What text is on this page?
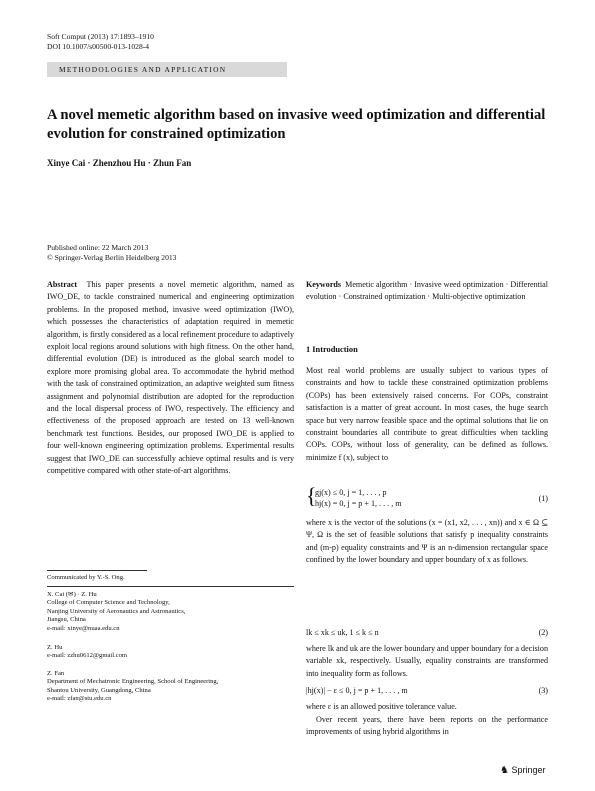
Soft Comput (2013) 17:1893–1910
DOI 10.1007/s00500-013-1028-4
METHODOLOGIES AND APPLICATION
A novel memetic algorithm based on invasive weed optimization and differential evolution for constrained optimization
Xinye Cai · Zhenzhou Hu · Zhun Fan
Published online: 22 March 2013
© Springer-Verlag Berlin Heidelberg 2013
Abstract This paper presents a novel memetic algorithm, named as IWO_DE, to tackle constrained numerical and engineering optimization problems. In the proposed method, invasive weed optimization (IWO), which possesses the characteristics of adaptation required in memetic algorithm, is firstly considered as a local refinement procedure to adaptively exploit local regions around solutions with high fitness. On the other hand, differential evolution (DE) is introduced as the global search model to explore more promising global area. To accommodate the hybrid method with the task of constrained optimization, an adaptive weighted sum fitness assignment and polynomial distribution are adopted for the reproduction and the local dispersal process of IWO, respectively. The efficiency and effectiveness of the proposed approach are tested on 13 well-known benchmark test functions. Besides, our proposed IWO_DE is applied to four well-known engineering optimization problems. Experimental results suggest that IWO_DE can successfully achieve optimal results and is very competitive compared with other state-of-art algorithms.
Communicated by Y.-S. Ong.
X. Cai (✉) · Z. Hu
College of Computer Science and Technology,
Nanjing University of Aeronautics and Astronautics,
Jiangsu, China
e-mail: xinye@nuaa.edu.cn
Z. Hu
e-mail: zzhu0612@gmail.com
Z. Fan
Department of Mechatronic Engineering, School of Engineering,
Shantou University, Guangdong, China
e-mail: zfan@stu.edu.cn
Keywords Memetic algorithm · Invasive weed optimization · Differential evolution · Constrained optimization · Multi-objective optimization
1 Introduction
Most real world problems are usually subject to various types of constraints and how to tackle these constrained optimization problems (COPs) has been extensively raised concerns. For COPs, constraint satisfaction is a matter of great account. In most cases, the huge search space but very narrow feasible space and the optimal solutions that lie on constraint boundaries all contribute to great difficulties when tackling COPs. COPs, without loss of generality, can be defined as follows. minimize f (x), subject to
{
gj(x) ≤ 0, j = 1, . . . , p
hj(x) = 0, j = p + 1, . . . , m
(1)
where x is the vector of the solutions (x = (x1, x2, . . . , xn)) and x ∈ Ω ⊆ Ψ, Ω is the set of feasible solutions that satisfy p inequality constraints and (m-p) equality constraints and Ψ is an n-dimension rectangular space confined by the lower boundary and upper boundary of x as follows.
lk ≤ xk ≤ uk, 1 ≤ k ≤ n	(2)
where lk and uk are the lower boundary and upper boundary for a decision variable xk, respectively. Usually, equality constraints are transformed into inequality form as follows.
|hj(x)| − ε ≤ 0, j = p + 1, . . . , m	(3)
where ε is an allowed positive tolerance value.
Over recent years, there have been reports on the performance improvements of using hybrid algorithms in
♞ Springer
